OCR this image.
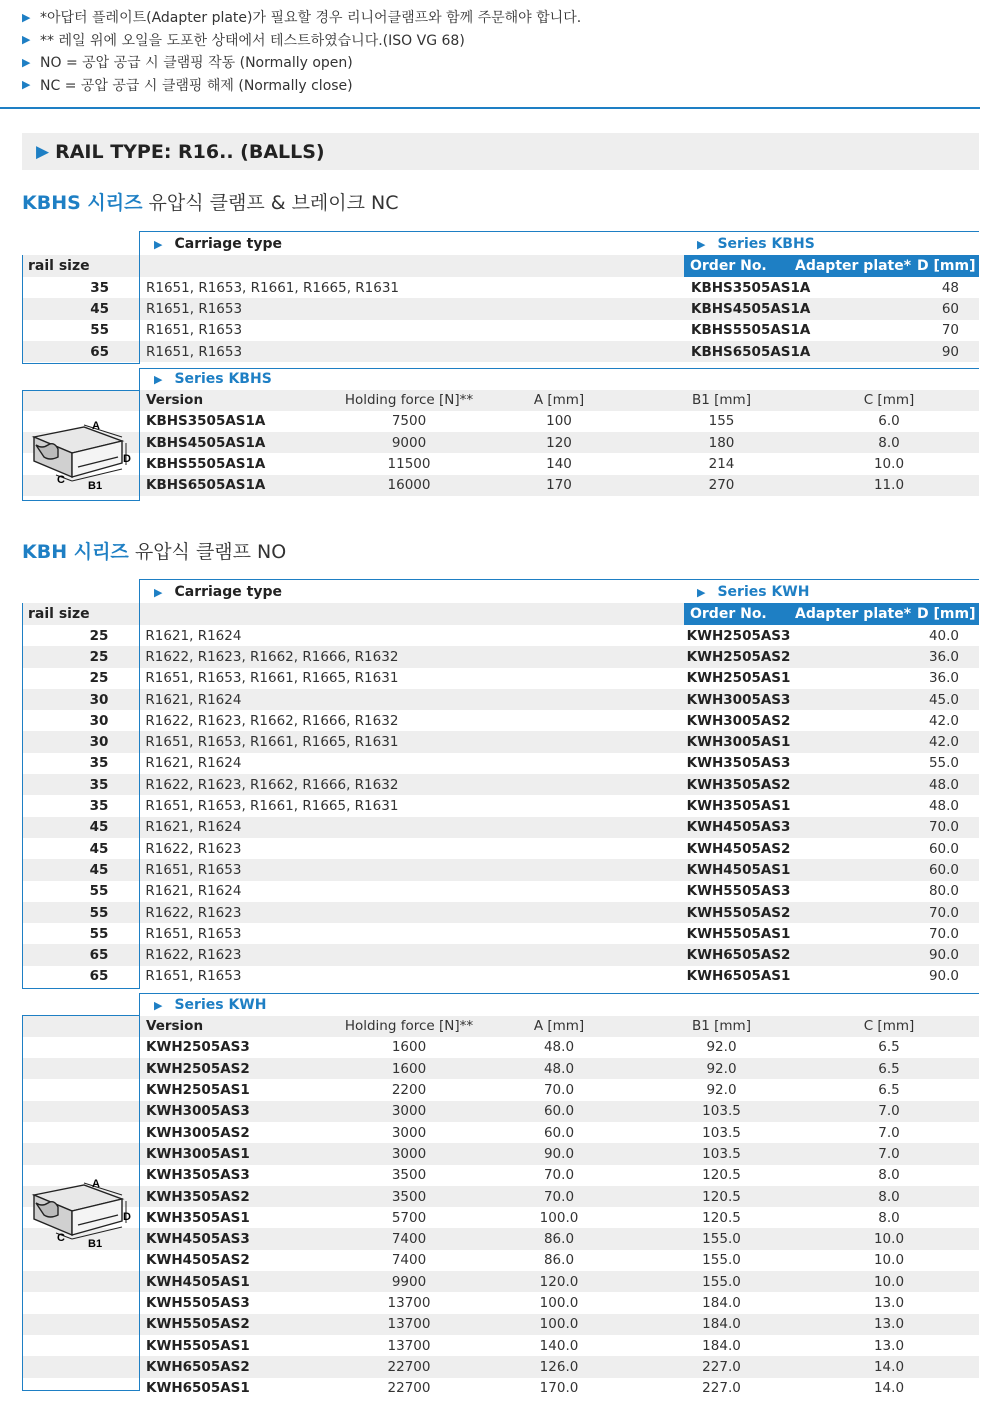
▶ *아답터 플레이트(Adapter plate)가 필요할 경우 리니어클램프와 함께 주문해야 합니다.
▶ ** 레일 위에 오일을 도포한 상태에서 테스트하였습니다.(ISO VG 68)
▶ NO = 공압 공급 시 클램핑 작동 (Normally open)
▶ NC = 공압 공급 시 클램핑 해제 (Normally close)
▶ RAIL TYPE: R16.. (BALLS)
KBHS 시리즈 유압식 클램프 & 브레이크 NC
▶ Carriage type	▶ Series KBHS
rail size	Order No.	Adapter plate* D [mm]
35	R1651, R1653, R1661, R1665, R1631	KBHS3505AS1A	48
45	R1651, R1653	KBHS4505AS1A	60
55	R1651, R1653	KBHS5505AS1A	70
65	R1651, R1653	KBHS6505AS1A	90
▶ Series KBHS
Version	Holding force [N]**	A [mm]	B1 [mm]	C [mm]
KBHS3505AS1A	7500	100	155	6.0
KBHS4505AS1A	9000	120	180	8.0
KBHS5505AS1A	11500	140	214	10.0
KBHS6505AS1A	16000	170	270	11.0
KBH 시리즈 유압식 클램프 NO
▶ Carriage type	▶ Series KWH
rail size	Order No.	Adapter plate* D [mm]
25	R1621, R1624	KWH2505AS3	40.0
25	R1622, R1623, R1662, R1666, R1632	KWH2505AS2	36.0
25	R1651, R1653, R1661, R1665, R1631	KWH2505AS1	36.0
30	R1621, R1624	KWH3005AS3	45.0
30	R1622, R1623, R1662, R1666, R1632	KWH3005AS2	42.0
30	R1651, R1653, R1661, R1665, R1631	KWH3005AS1	42.0
35	R1621, R1624	KWH3505AS3	55.0
35	R1622, R1623, R1662, R1666, R1632	KWH3505AS2	48.0
35	R1651, R1653, R1661, R1665, R1631	KWH3505AS1	48.0
45	R1621, R1624	KWH4505AS3	70.0
45	R1622, R1623	KWH4505AS2	60.0
45	R1651, R1653	KWH4505AS1	60.0
55	R1621, R1624	KWH5505AS3	80.0
55	R1622, R1623	KWH5505AS2	70.0
55	R1651, R1653	KWH5505AS1	70.0
65	R1622, R1623	KWH6505AS2	90.0
65	R1651, R1653	KWH6505AS1	90.0
▶ Series KWH
Version	Holding force [N]**	A [mm]	B1 [mm]	C [mm]
KWH2505AS3	1600	48.0	92.0	6.5
KWH2505AS2	1600	48.0	92.0	6.5
KWH2505AS1	2200	70.0	92.0	6.5
KWH3005AS3	3000	60.0	103.5	7.0
KWH3005AS2	3000	60.0	103.5	7.0
KWH3005AS1	3000	90.0	103.5	7.0
KWH3505AS3	3500	70.0	120.5	8.0
KWH3505AS2	3500	70.0	120.5	8.0
KWH3505AS1	5700	100.0	120.5	8.0
KWH4505AS3	7400	86.0	155.0	10.0
KWH4505AS2	7400	86.0	155.0	10.0
KWH4505AS1	9900	120.0	155.0	10.0
KWH5505AS3	13700	100.0	184.0	13.0
KWH5505AS2	13700	100.0	184.0	13.0
KWH5505AS1	13700	140.0	184.0	13.0
KWH6505AS2	22700	126.0	227.0	14.0
KWH6505AS1	22700	170.0	227.0	14.0
A
D
C B1
A
D
C B1
